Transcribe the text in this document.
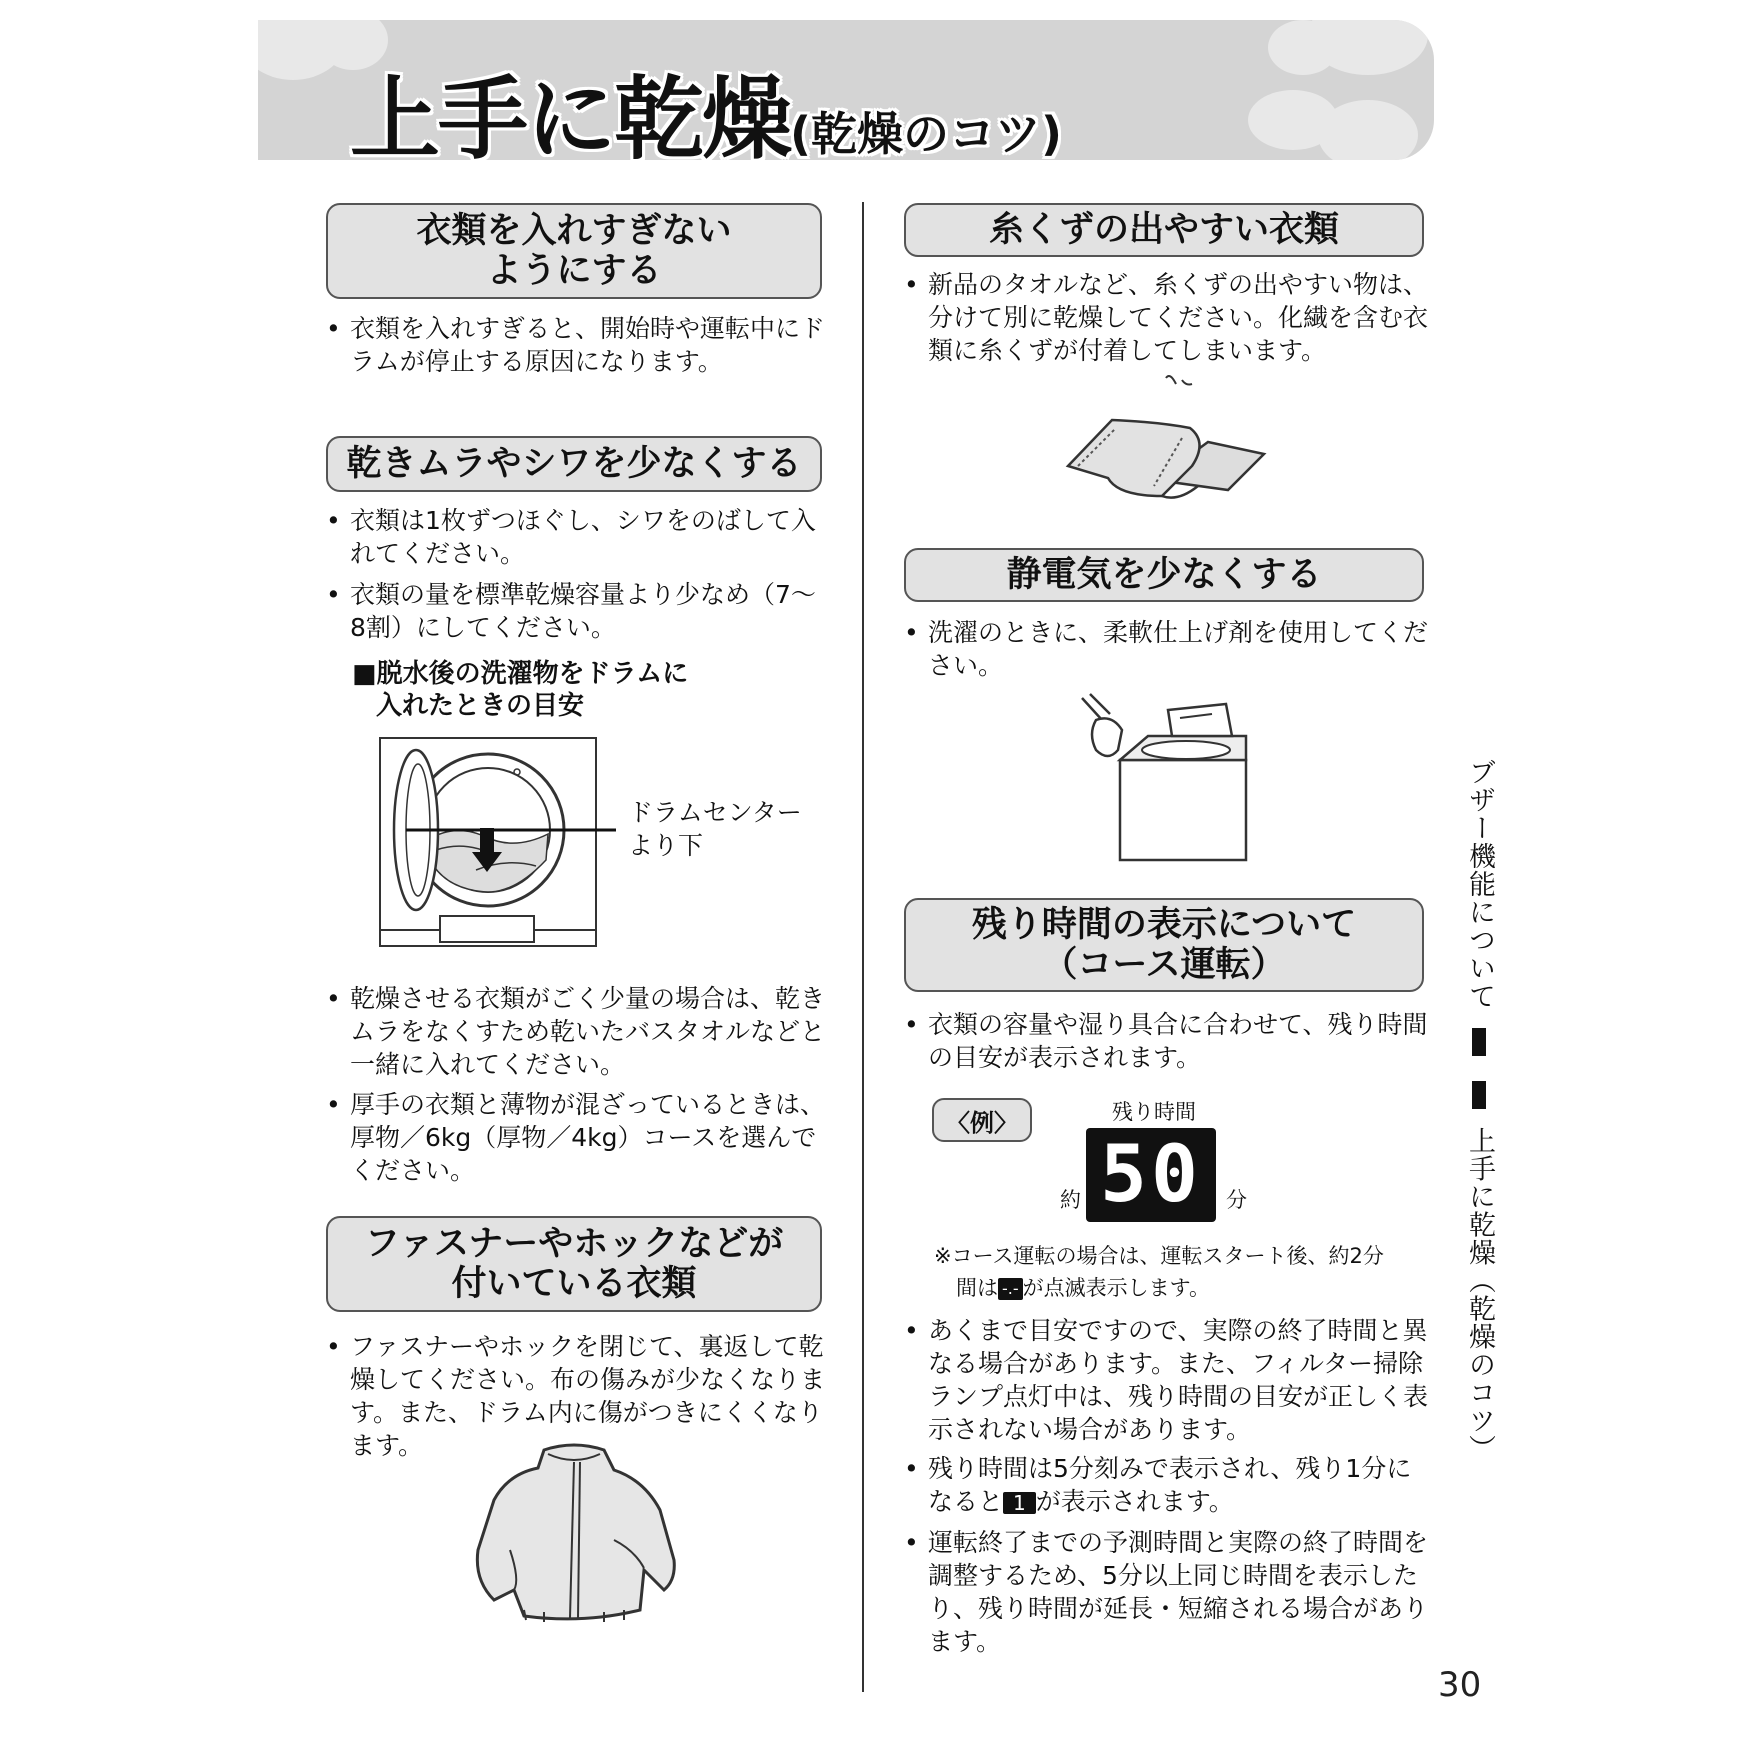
上手に乾燥(乾燥のコツ)
衣類を入れすぎない
ようにする
• 衣類を入れすぎると、開始時や運転中にドラムが停止する原因になります。
乾きムラやシワを少なくする
• 衣類は1枚ずつほぐし、シワをのばして入れてください。
• 衣類の量を標準乾燥容量より少なめ（7～8割）にしてください。
■脱水後の洗濯物をドラムに
入れたときの目安
ドラムセンター
より下
• 乾燥させる衣類がごく少量の場合は、乾きムラをなくすため乾いたバスタオルなどと一緒に入れてください。
• 厚手の衣類と薄物が混ざっているときは、厚物／6kg（厚物／4kg）コースを選んでください。
ファスナーやホックなどが
付いている衣類
• ファスナーやホックを閉じて、裏返して乾燥してください。布の傷みが少なくなります。また、ドラム内に傷がつきにくくなります。
糸くずの出やすい衣類
• 新品のタオルなど、糸くずの出やすい物は、分けて別に乾燥してください。化繊を含む衣類に糸くずが付着してしまいます。
静電気を少なくする
• 洗濯のときに、柔軟仕上げ剤を使用してください。
残り時間の表示について
（コース運転）
• 衣類の容量や湿り具合に合わせて、残り時間の目安が表示されます。
〈例〉	残り時間
約 50 分
※コース運転の場合は、運転スタート後、約2分
間は -.- が点滅表示します。
• あくまで目安ですので、実際の終了時間と異なる場合があります。また、フィルター掃除ランプ点灯中は、残り時間の目安が正しく表示されない場合があります。
• 残り時間は5分刻みで表示され、残り1分になると 1 が表示されます。
• 運転終了までの予測時間と実際の終了時間を調整するため、5分以上同じ時間を表示したり、残り時間が延長・短縮される場合があります。
ブザー機能について   上手に乾燥（乾燥のコツ）
30
